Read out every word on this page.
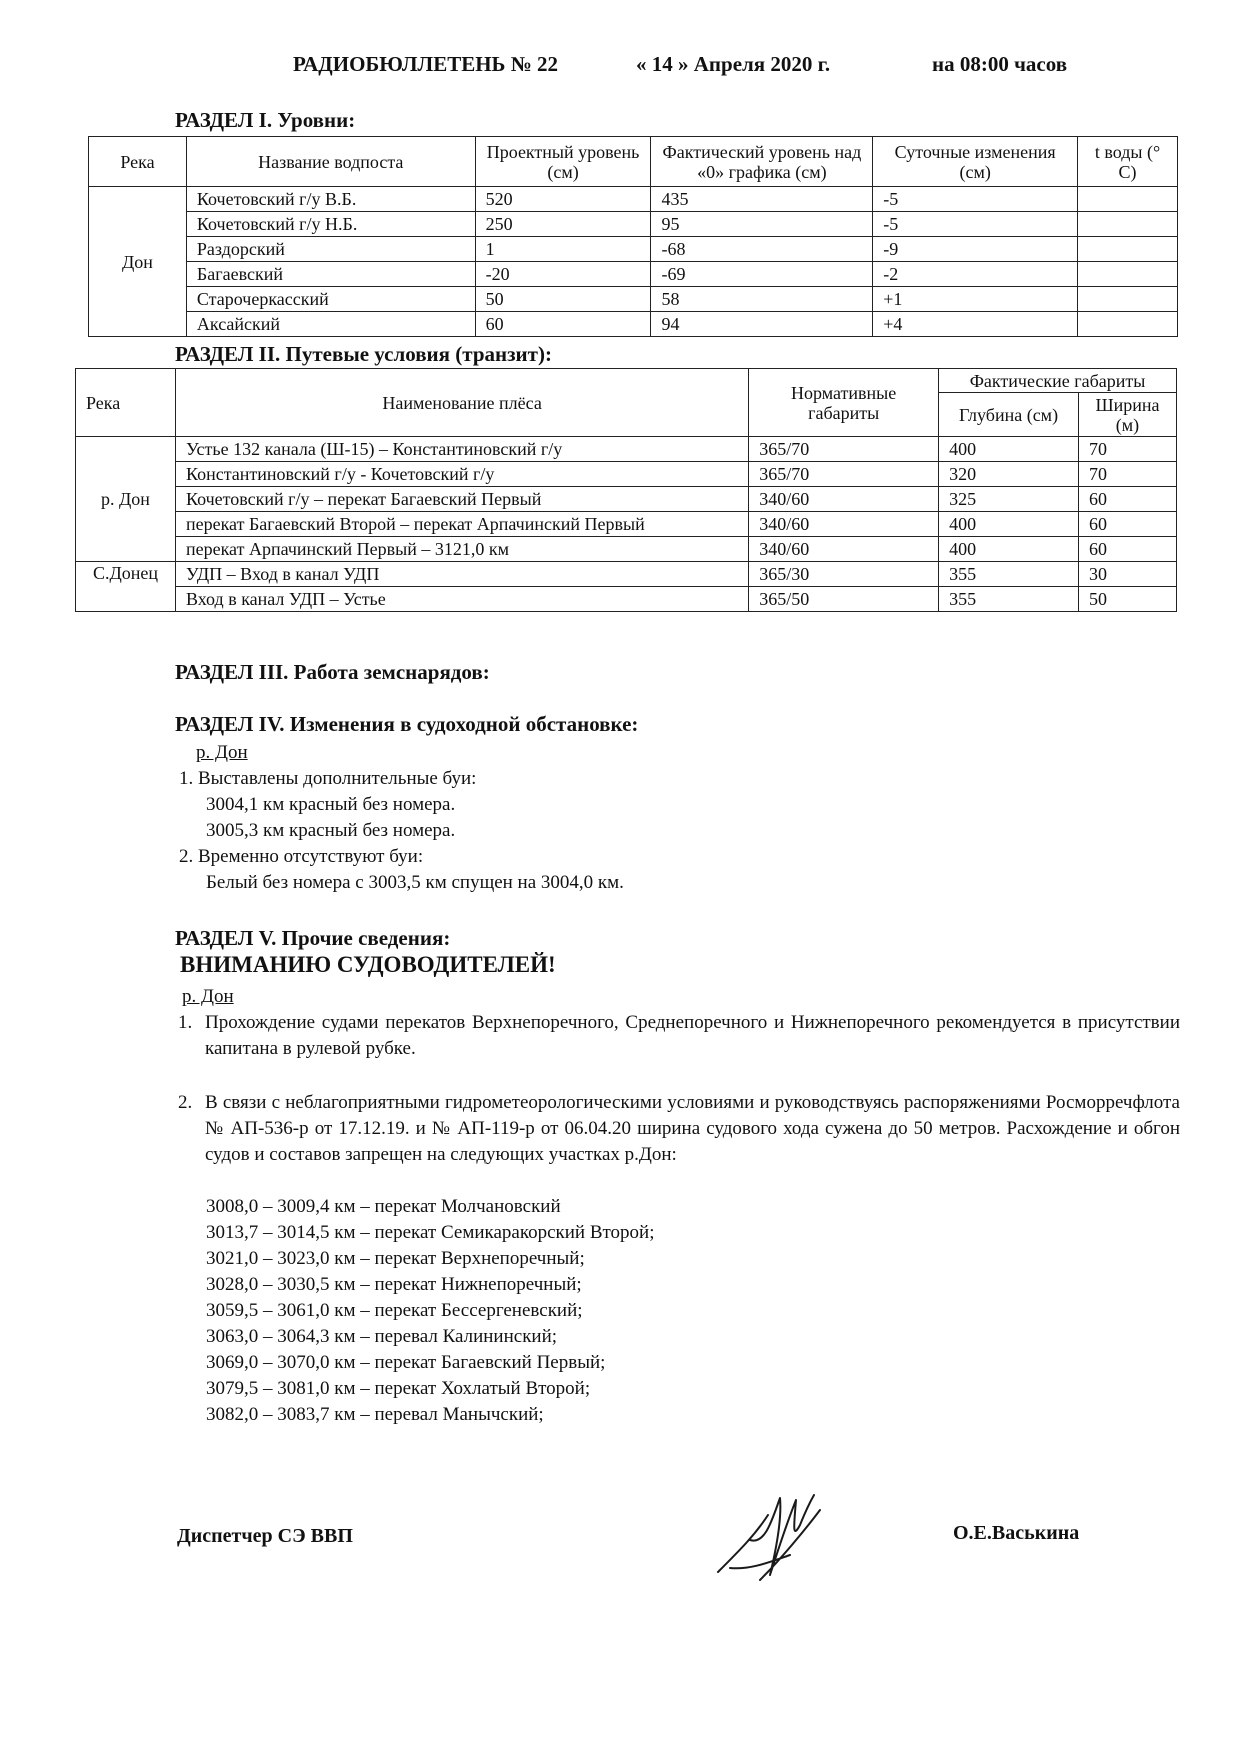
РАДИОБЮЛЛЕТЕНЬ № 22	« 14 » Апреля 2020 г.	на 08:00 часов
РАЗДЕЛ I. Уровни:
Река	Название водпоста	Проектный уровень (см)	Фактический уровень над «0» графика (см)	Суточные изменения (см)	t воды (° C)
Дон	Кочетовский г/у В.Б.	520	435	-5	
	Кочетовский г/у Н.Б.	250	95	-5	
	Раздорский	1	-68	-9	
	Багаевский	-20	-69	-2	
	Старочеркасский	50	58	+1	
	Аксайский	60	94	+4	
РАЗДЕЛ II. Путевые условия (транзит):
Река	Наименование плёса	Нормативные габариты	Фактические габариты	
			Глубина (см)	Ширина (м)
р. Дон	Устье 132 канала (Ш-15) – Константиновский г/у	365/70	400	70
	Константиновский г/у - Кочетовский г/у	365/70	320	70
	Кочетовский г/у – перекат Багаевский Первый	340/60	325	60
	перекат Багаевский Второй – перекат Арпачинский Первый	340/60	400	60
	перекат Арпачинский Первый – 3121,0 км	340/60	400	60
С.Донец	УДП – Вход в канал УДП	365/30	355	30
	Вход в канал УДП – Устье	365/50	355	50
РАЗДЕЛ III. Работа земснарядов:
РАЗДЕЛ IV. Изменения в судоходной обстановке:
р. Дон
1. Выставлены дополнительные буи:
3004,1 км красный без номера.
3005,3 км красный без номера.
2. Временно отсутствуют буи:
Белый без номера с 3003,5 км спущен на 3004,0 км.
РАЗДЕЛ V. Прочие сведения:
ВНИМАНИЮ СУДОВОДИТЕЛЕЙ!
р. Дон
1. Прохождение судами перекатов Верхнепоречного, Среднепоречного и Нижнепоречного рекомендуется в присутствии капитана в рулевой рубке.
2. В связи с неблагоприятными гидрометеорологическими условиями и руководствуясь распоряжениями Росморречфлота № АП-536-р от 17.12.19. и № АП-119-р от 06.04.20 ширина судового хода сужена до 50 метров. Расхождение и обгон судов и составов запрещен на следующих участках р.Дон:
3008,0 – 3009,4 км – перекат Молчановский
3013,7 – 3014,5 км – перекат Семикаракорский Второй;
3021,0 – 3023,0 км – перекат Верхнепоречный;
3028,0 – 3030,5 км – перекат Нижнепоречный;
3059,5 – 3061,0 км – перекат Бессергеневский;
3063,0 – 3064,3 км – перевал Калининский;
3069,0 – 3070,0 км – перекат Багаевский Первый;
3079,5 – 3081,0 км – перекат Хохлатый Второй;
3082,0 – 3083,7 км – перевал Манычский;
Диспетчер СЭ ВВП	О.Е.Васькина
